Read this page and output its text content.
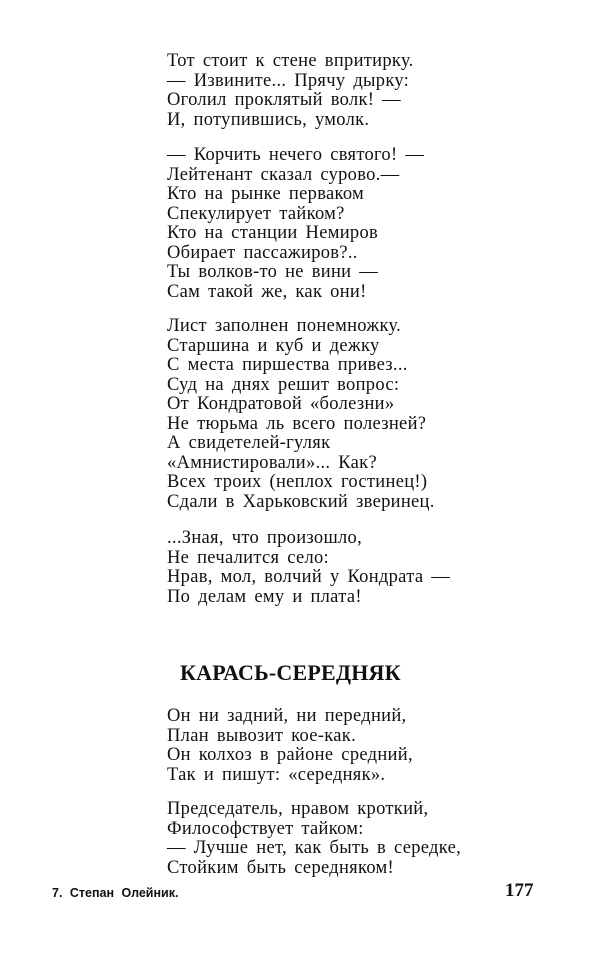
Тот стоит к стене впритирку.
— Извините... Прячу дырку:
Оголил проклятый волк! —
И, потупившись, умолк.
— Корчить нечего святого! —
Лейтенант сказал сурово.—
Кто на рынке перваком
Спекулирует тайком?
Кто на станции Немиров
Обирает пассажиров?..
Ты волков-то не вини —
Сам такой же, как они!
Лист заполнен понемножку.
Старшина и куб и дежку
С места пиршества привез...
Суд на днях решит вопрос:
От Кондратовой «болезни»
Не тюрьма ль всего полезней?
А свидетелей-гуляк
«Амнистировали»... Как?
Всех троих (неплох гостинец!)
Сдали в Харьковский зверинец.
...Зная, что произошло,
Не печалится село:
Нрав, мол, волчий у Кондрата —
По делам ему и плата!
КАРАСЬ-СЕРЕДНЯК
Он ни задний, ни передний,
План вывозит кое-как.
Он колхоз в районе средний,
Так и пишут: «середняк».
Председатель, нравом кроткий,
Философствует тайком:
— Лучше нет, как быть в середке,
Стойким быть середняком!
7. Степан Олейник.	177
